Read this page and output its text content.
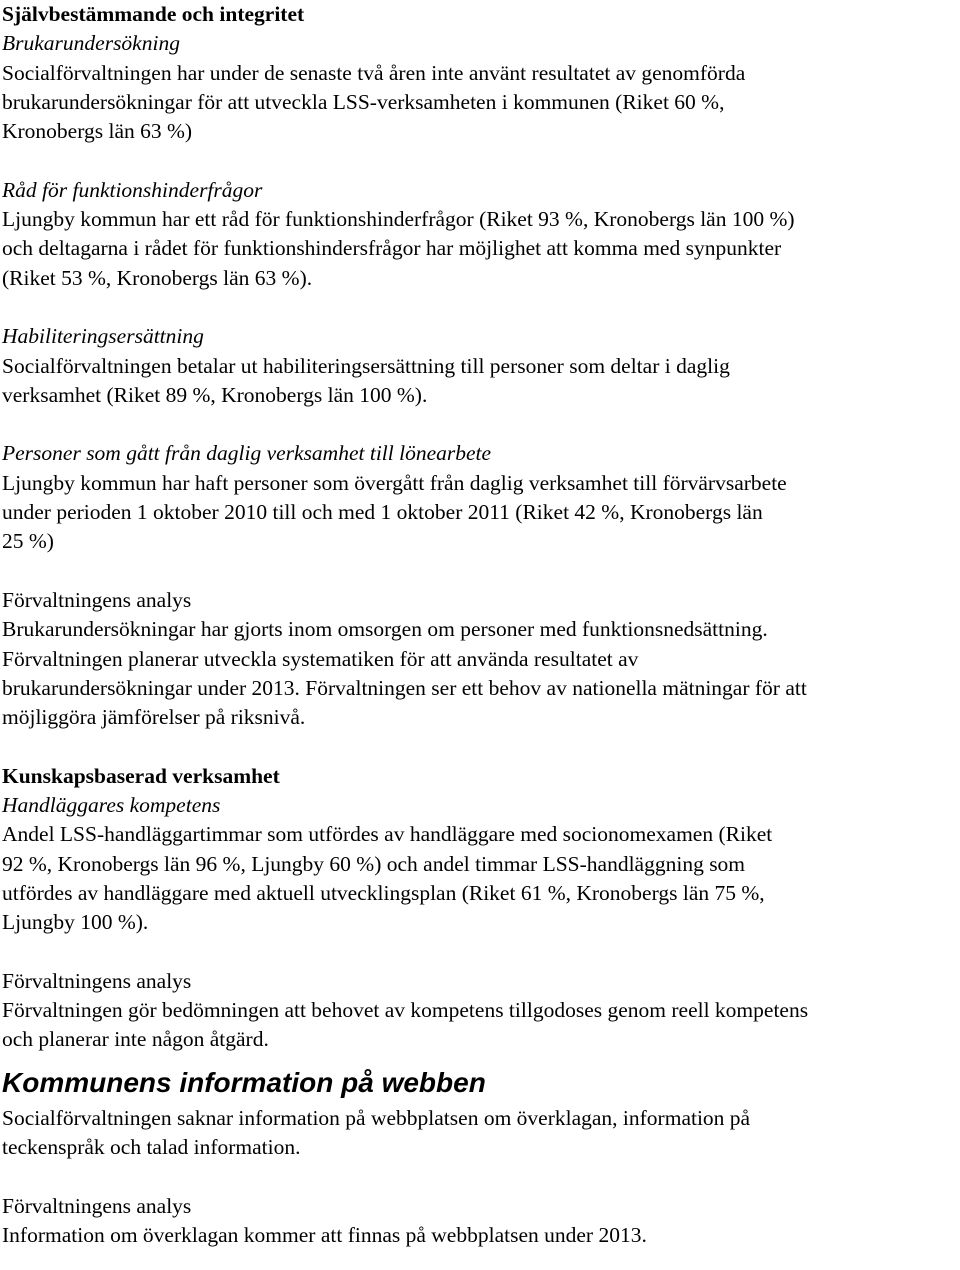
Självbestämmande och integritet
Brukarundersökning
Socialförvaltningen har under de senaste två åren inte använt resultatet av genomförda
brukarundersökningar för att utveckla LSS-verksamheten i kommunen (Riket 60 %,
Kronobergs län 63 %)
Råd för funktionshinderfrågor
Ljungby kommun har ett råd för funktionshinderfrågor (Riket 93 %, Kronobergs län 100 %)
och deltagarna i rådet för funktionshindersfrågor har möjlighet att komma med synpunkter
(Riket 53 %, Kronobergs län 63 %).
Habiliteringsersättning
Socialförvaltningen betalar ut habiliteringsersättning till personer som deltar i daglig
verksamhet (Riket 89 %, Kronobergs län 100 %).
Personer som gått från daglig verksamhet till lönearbete
Ljungby kommun har haft personer som övergått från daglig verksamhet till förvärvsarbete
under perioden 1 oktober 2010 till och med 1 oktober 2011 (Riket 42 %, Kronobergs län
25 %)
Förvaltningens analys
Brukarundersökningar har gjorts inom omsorgen om personer med funktionsnedsättning.
Förvaltningen planerar utveckla systematiken för att använda resultatet av
brukarundersökningar under 2013. Förvaltningen ser ett behov av nationella mätningar för att
möjliggöra jämförelser på riksnivå.
Kunskapsbaserad verksamhet
Handläggares kompetens
Andel LSS-handläggartimmar som utfördes av handläggare med socionomexamen (Riket
92 %, Kronobergs län 96 %, Ljungby 60 %) och andel timmar LSS-handläggning som
utfördes av handläggare med aktuell utvecklingsplan (Riket 61 %, Kronobergs län 75 %,
Ljungby 100 %).
Förvaltningens analys
Förvaltningen gör bedömningen att behovet av kompetens tillgodoses genom reell kompetens
och planerar inte någon åtgärd.
Kommunens information på webben
Socialförvaltningen saknar information på webbplatsen om överklagan, information på
teckenspråk och talad information.
Förvaltningens analys
Information om överklagan kommer att finnas på webbplatsen under 2013.
